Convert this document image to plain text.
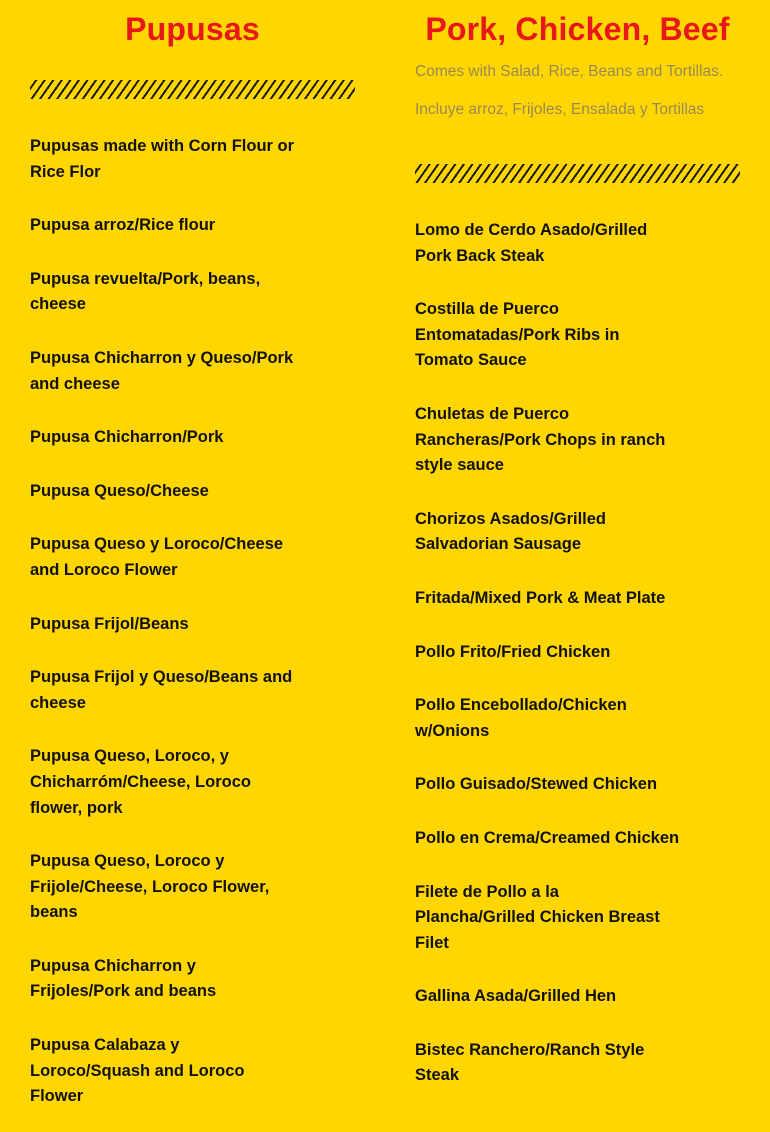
Pupusas
Pupusas made with Corn Flour or Rice Flor
Pupusa arroz/Rice flour
Pupusa revuelta/Pork, beans, cheese
Pupusa Chicharron y Queso/Pork and cheese
Pupusa Chicharron/Pork
Pupusa Queso/Cheese
Pupusa Queso y Loroco/Cheese and Loroco Flower
Pupusa Frijol/Beans
Pupusa Frijol y Queso/Beans and cheese
Pupusa Queso, Loroco, y Chicharróm/Cheese, Loroco flower, pork
Pupusa Queso, Loroco y Frijole/Cheese, Loroco Flower, beans
Pupusa Chicharron y Frijoles/Pork and beans
Pupusa Calabaza y Loroco/Squash and Loroco Flower
Pork, Chicken, Beef

Comes with Salad, Rice, Beans and Tortillas.

Incluye arroz, Frijoles, Ensalada y Tortillas

Lomo de Cerdo Asado/Grilled Pork Back Steak
Costilla de Puerco Entomatadas/Pork Ribs in Tomato Sauce
Chuletas de Puerco Rancheras/Pork Chops in ranch style sauce
Chorizos Asados/Grilled Salvadorian Sausage
Fritada/Mixed Pork & Meat Plate
Pollo Frito/Fried Chicken
Pollo Encebollado/Chicken w/Onions
Pollo Guisado/Stewed Chicken
Pollo en Crema/Creamed Chicken
Filete de Pollo a la Plancha/Grilled Chicken Breast Filet
Gallina Asada/Grilled Hen
Bistec Ranchero/Ranch Style Steak
